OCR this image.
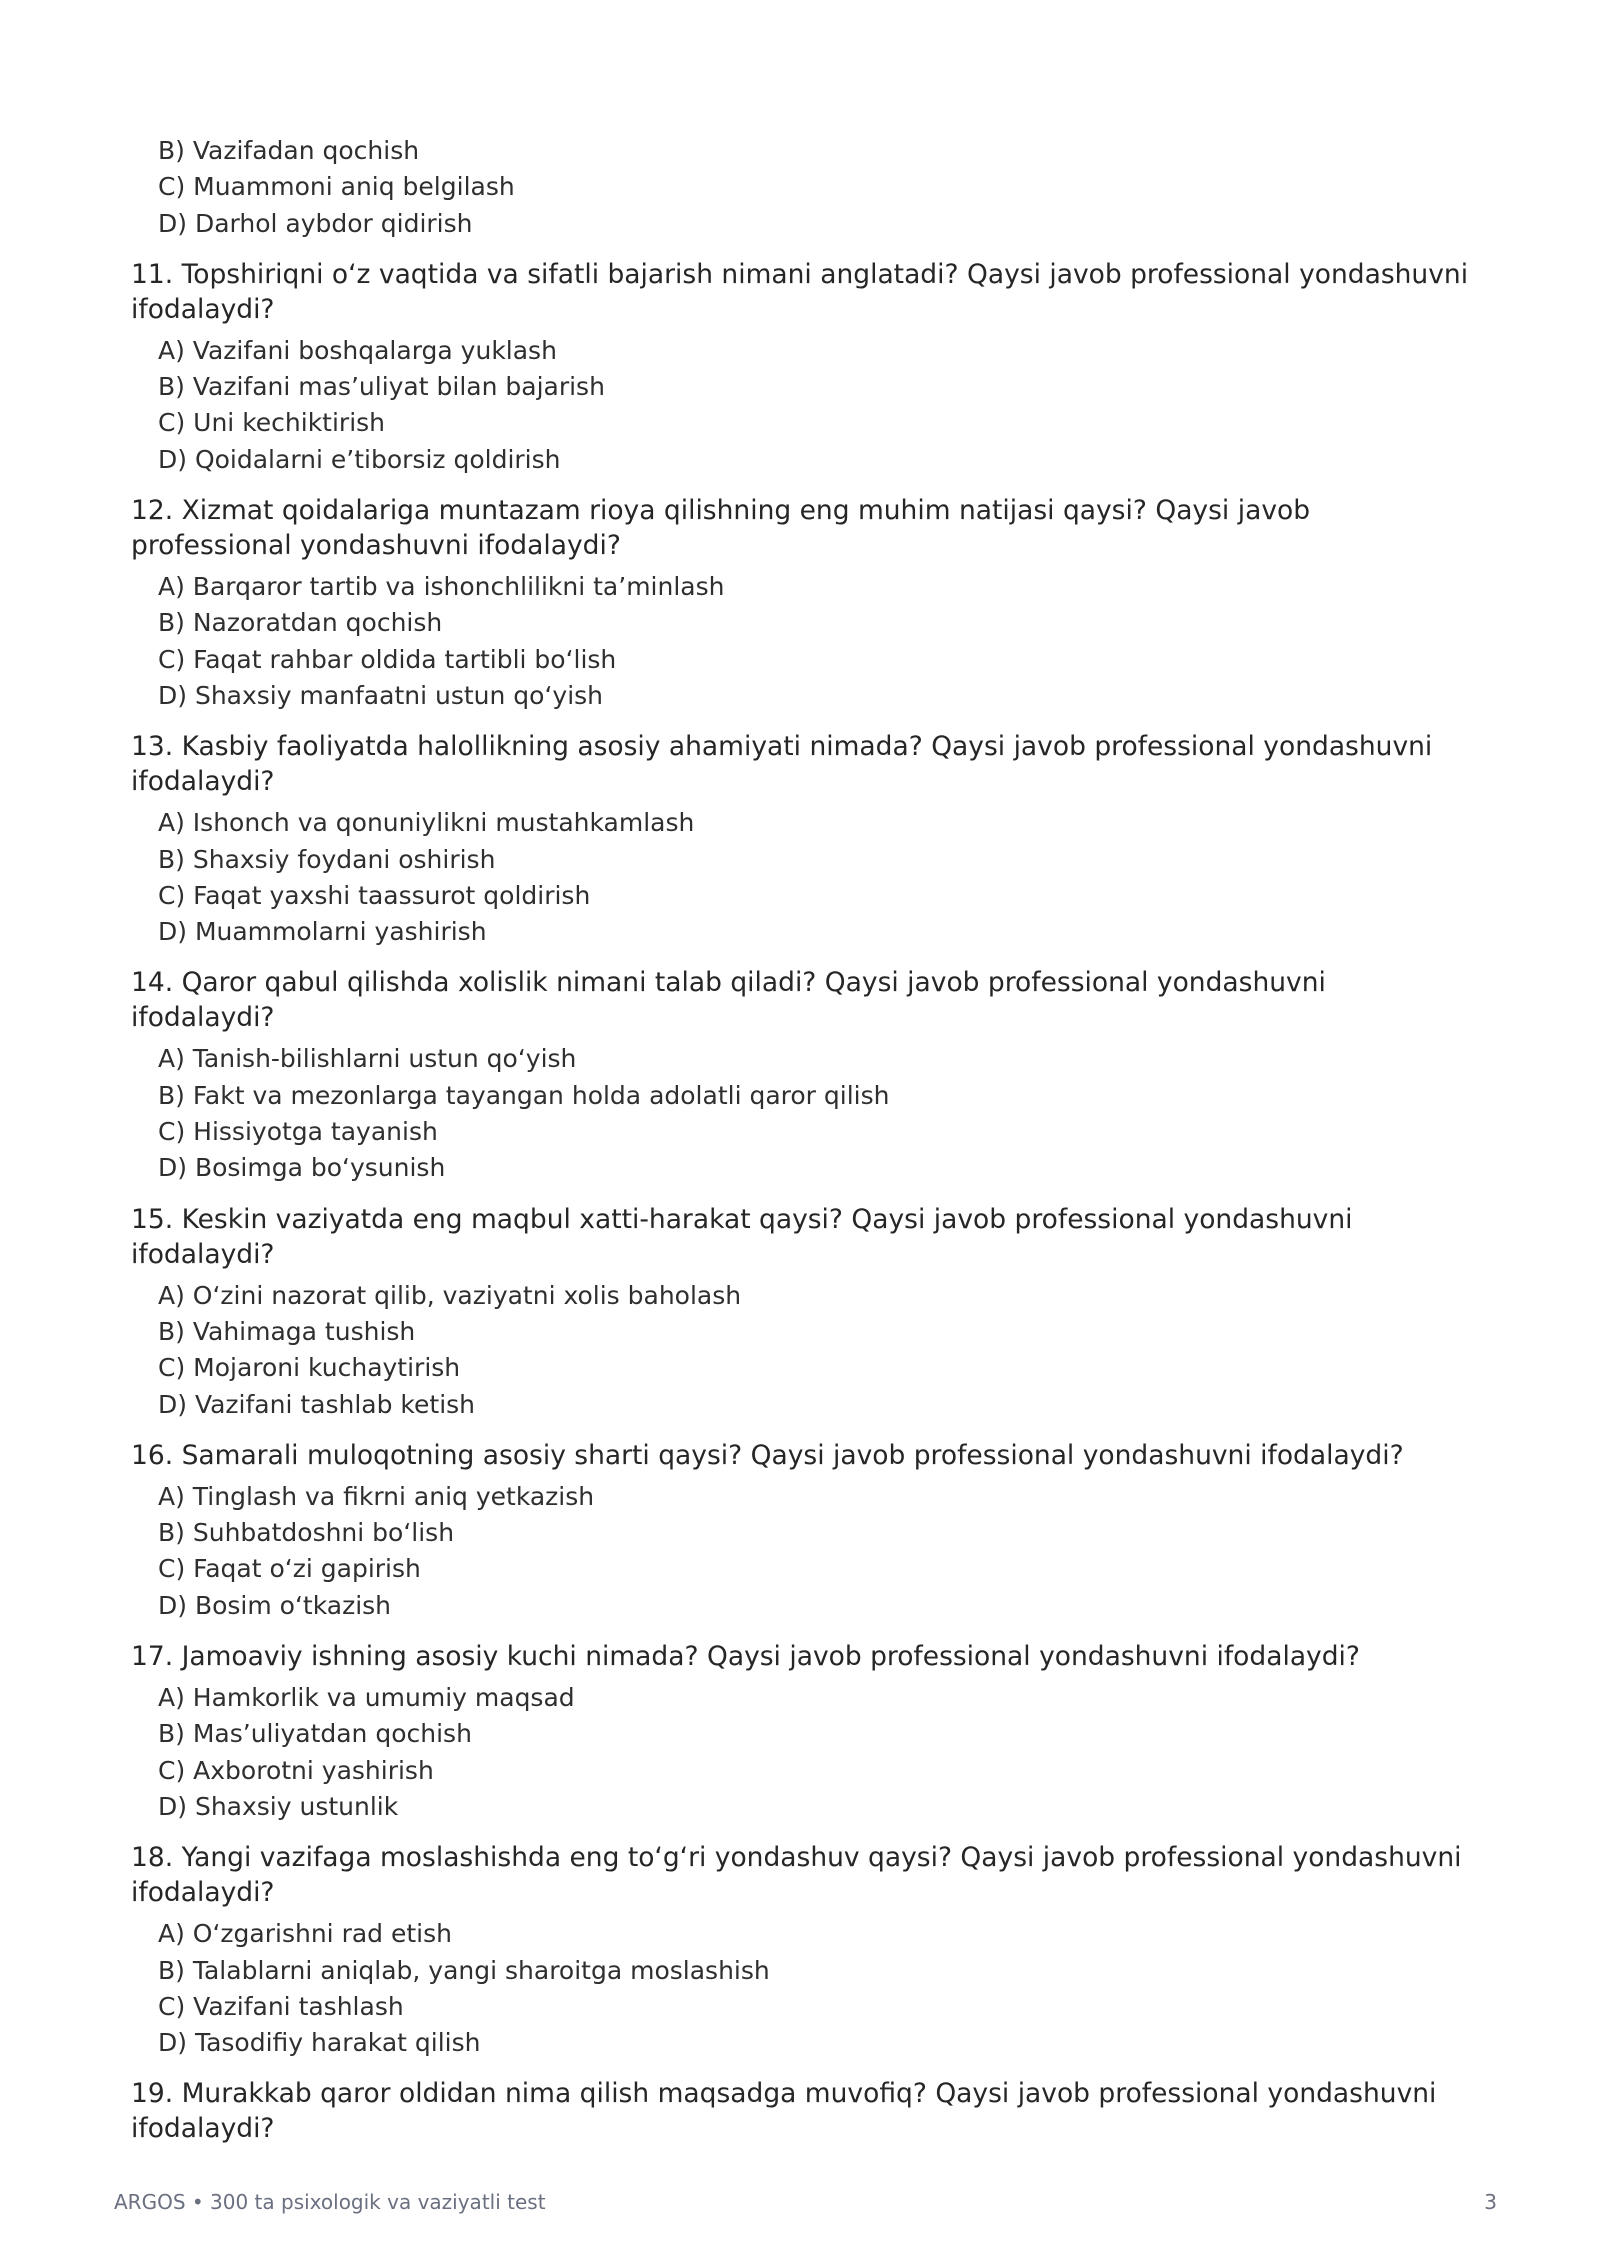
B) Vazifadan qochish
C) Muammoni aniq belgilash
D) Darhol aybdor qidirish
11. Topshiriqni o‘z vaqtida va sifatli bajarish nimani anglatadi? Qaysi javob professional yondashuvni ifodalaydi?
A) Vazifani boshqalarga yuklash
B) Vazifani mas’uliyat bilan bajarish
C) Uni kechiktirish
D) Qoidalarni e’tiborsiz qoldirish
12. Xizmat qoidalariga muntazam rioya qilishning eng muhim natijasi qaysi? Qaysi javob professional yondashuvni ifodalaydi?
A) Barqaror tartib va ishonchlilikni ta’minlash
B) Nazoratdan qochish
C) Faqat rahbar oldida tartibli bo‘lish
D) Shaxsiy manfaatni ustun qo‘yish
13. Kasbiy faoliyatda halollikning asosiy ahamiyati nimada? Qaysi javob professional yondashuvni ifodalaydi?
A) Ishonch va qonuniylikni mustahkamlash
B) Shaxsiy foydani oshirish
C) Faqat yaxshi taassurot qoldirish
D) Muammolarni yashirish
14. Qaror qabul qilishda xolislik nimani talab qiladi? Qaysi javob professional yondashuvni ifodalaydi?
A) Tanish-bilishlarni ustun qo‘yish
B) Fakt va mezonlarga tayangan holda adolatli qaror qilish
C) Hissiyotga tayanish
D) Bosimga bo‘ysunish
15. Keskin vaziyatda eng maqbul xatti-harakat qaysi? Qaysi javob professional yondashuvni ifodalaydi?
A) O‘zini nazorat qilib, vaziyatni xolis baholash
B) Vahimaga tushish
C) Mojaroni kuchaytirish
D) Vazifani tashlab ketish
16. Samarali muloqotning asosiy sharti qaysi? Qaysi javob professional yondashuvni ifodalaydi?
A) Tinglash va fikrni aniq yetkazish
B) Suhbatdoshni bo‘lish
C) Faqat o‘zi gapirish
D) Bosim o‘tkazish
17. Jamoaviy ishning asosiy kuchi nimada? Qaysi javob professional yondashuvni ifodalaydi?
A) Hamkorlik va umumiy maqsad
B) Mas’uliyatdan qochish
C) Axborotni yashirish
D) Shaxsiy ustunlik
18. Yangi vazifaga moslashishda eng to‘g‘ri yondashuv qaysi? Qaysi javob professional yondashuvni ifodalaydi?
A) O‘zgarishni rad etish
B) Talablarni aniqlab, yangi sharoitga moslashish
C) Vazifani tashlash
D) Tasodifiy harakat qilish
19. Murakkab qaror oldidan nima qilish maqsadga muvofiq? Qaysi javob professional yondashuvni ifodalaydi?
ARGOS • 300 ta psixologik va vaziyatli test	3
